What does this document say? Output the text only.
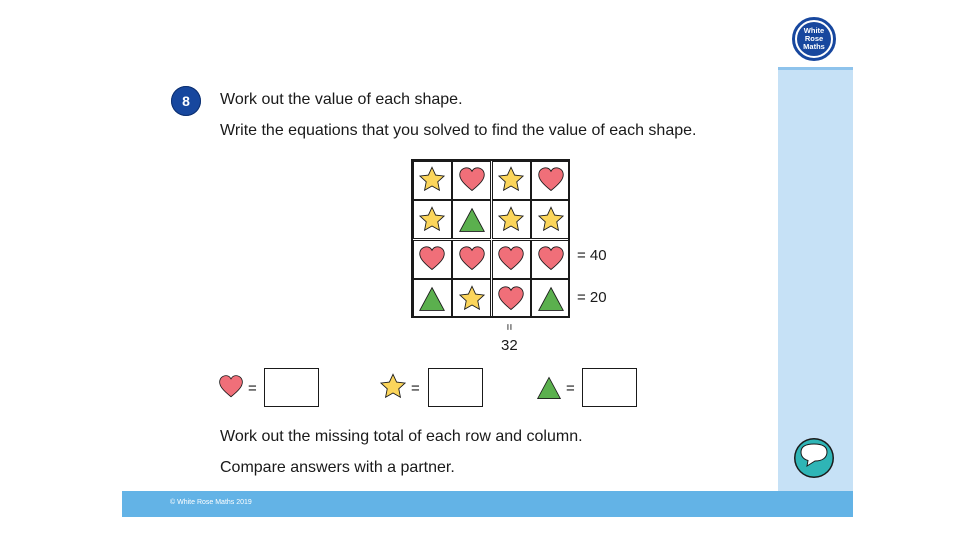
White
Rose
Maths
8	Work out the value of each shape.
Write the equations that you solved to find the value of each shape.
= 40
= 20
=
32
=	=	=
Work out the missing total of each row and column.
Compare answers with a partner.
© White Rose Maths 2019
